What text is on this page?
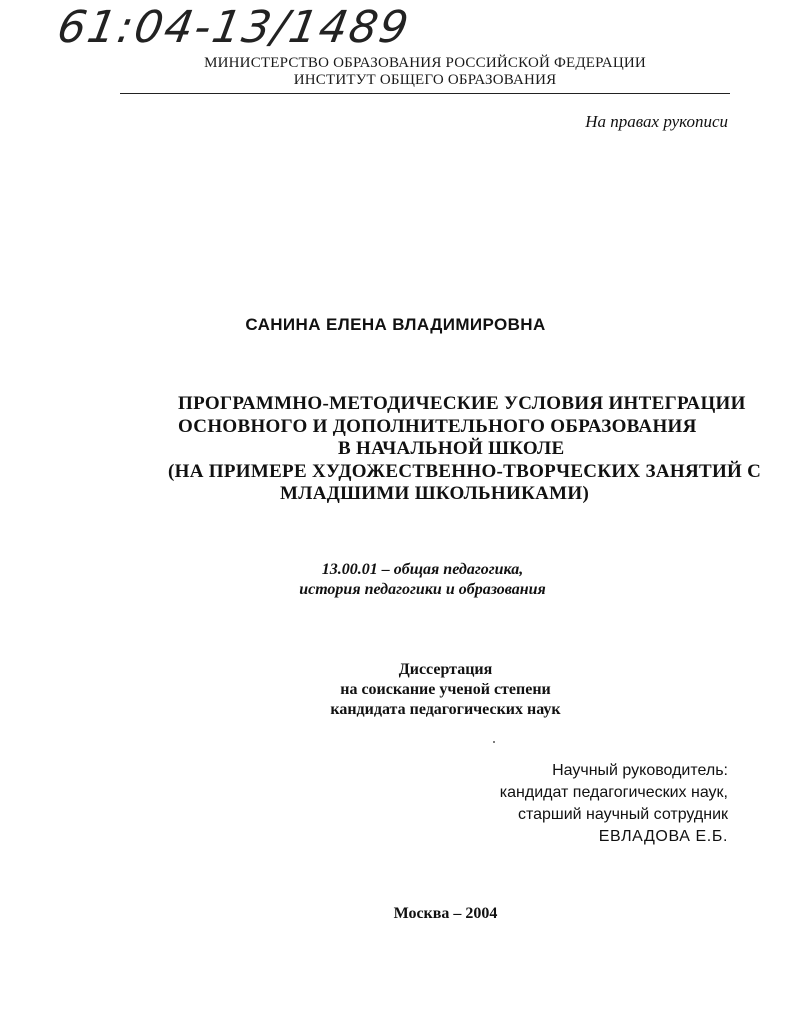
61:04-13/1489
МИНИСТЕРСТВО ОБРАЗОВАНИЯ РОССИЙСКОЙ ФЕДЕРАЦИИ
ИНСТИТУТ ОБЩЕГО ОБРАЗОВАНИЯ
На правах рукописи
САНИНА ЕЛЕНА ВЛАДИМИРОВНА
ПРОГРАММНО-МЕТОДИЧЕСКИЕ УСЛОВИЯ ИНТЕГРАЦИИ
ОСНОВНОГО И ДОПОЛНИТЕЛЬНОГО ОБРАЗОВАНИЯ
В НАЧАЛЬНОЙ ШКОЛЕ
(НА ПРИМЕРЕ ХУДОЖЕСТВЕННО-ТВОРЧЕСКИХ ЗАНЯТИЙ С
МЛАДШИМИ ШКОЛЬНИКАМИ)
13.00.01 – общая педагогика,
история педагогики и образования
Диссертация
на соискание ученой степени
кандидата педагогических наук
Научный руководитель:
кандидат педагогических наук,
старший научный сотрудник
ЕВЛАДОВА Е.Б.
Москва – 2004
